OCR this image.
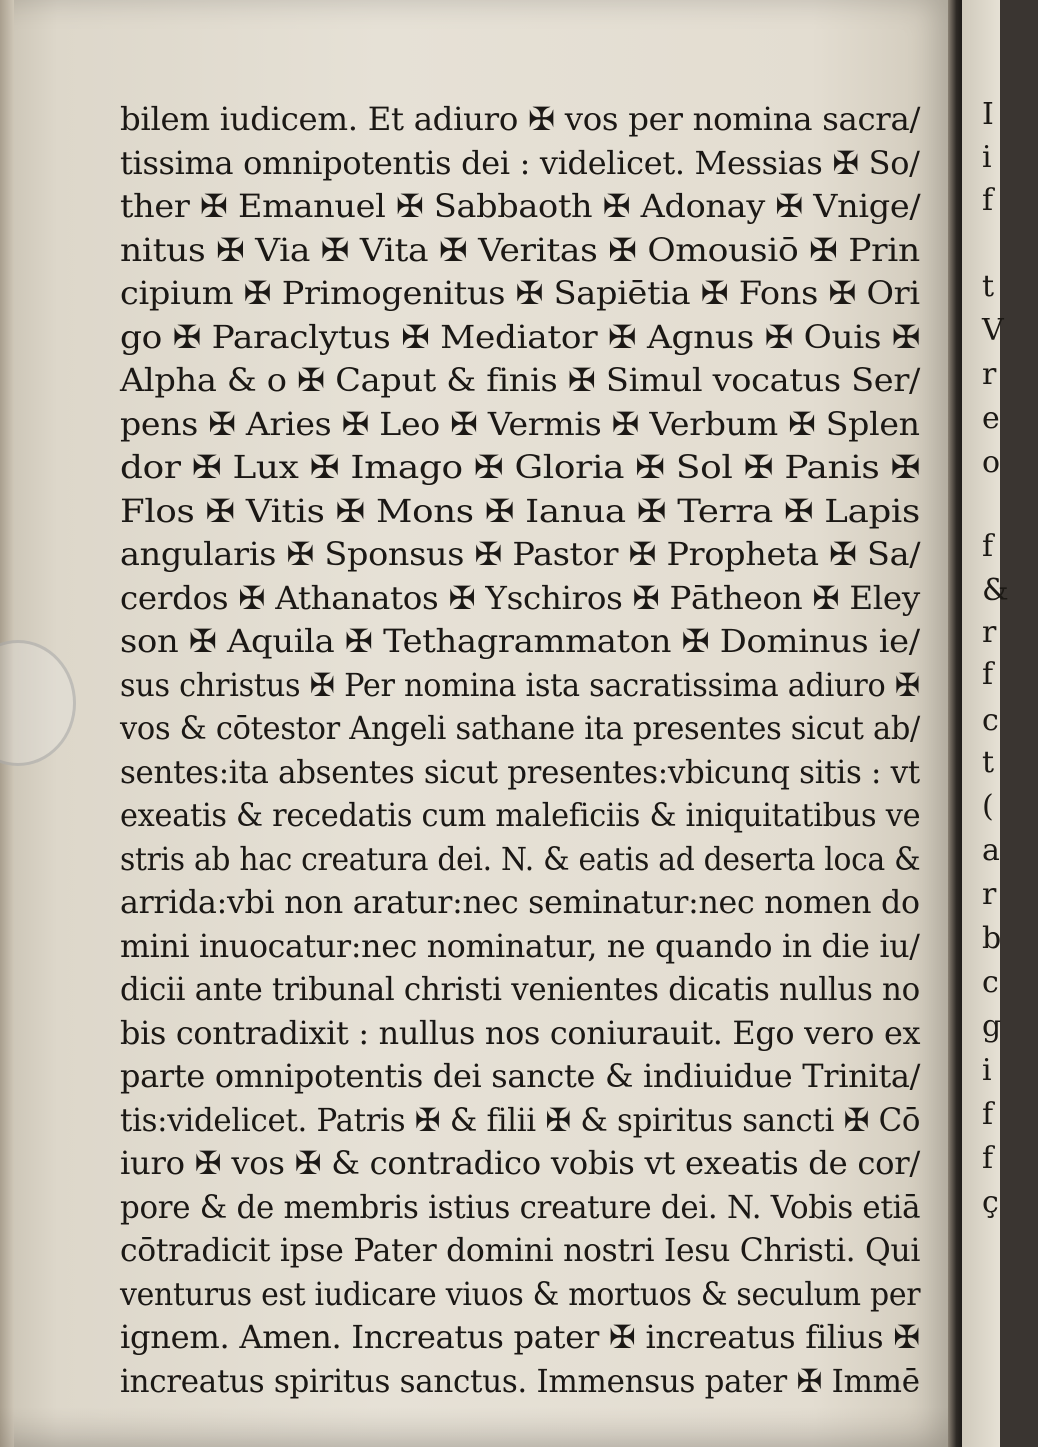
bilem iudicem. Et adiuro ✠ vos per nomina sacra/
tissima omnipotentis dei : videlicet. Messias ✠ So/
ther ✠ Emanuel ✠ Sabbaoth ✠ Adonay ✠ Vnige/
nitus ✠ Via ✠ Vita ✠ Veritas ✠ Omousiō ✠ Prin
cipium ✠ Primogenitus ✠ Sapiētia ✠ Fons ✠ Ori
go ✠ Paraclytus ✠ Mediator ✠ Agnus ✠ Ouis ✠
Alpha & o ✠ Caput & finis ✠ Simul vocatus Ser/
pens ✠ Aries ✠ Leo ✠ Vermis ✠ Verbum ✠ Splen
dor ✠ Lux ✠ Imago ✠ Gloria ✠ Sol ✠ Panis ✠
Flos ✠ Vitis ✠ Mons ✠ Ianua ✠ Terra ✠ Lapis
angularis ✠ Sponsus ✠ Pastor ✠ Propheta ✠ Sa/
cerdos ✠ Athanatos ✠ Yschiros ✠ Pātheon ✠ Eley
son ✠ Aquila ✠ Tethagrammaton ✠ Dominus ie/
sus christus ✠ Per nomina ista sacratissima adiuro ✠
vos & cōtestor Angeli sathane ita presentes sicut ab/
sentes:ita absentes sicut presentes:vbicunq sitis : vt
exeatis & recedatis cum maleficiis & iniquitatibus ve
stris ab hac creatura dei. N. & eatis ad deserta loca &
arrida:vbi non aratur:nec seminatur:nec nomen do
mini inuocatur:nec nominatur, ne quando in die iu/
dicii ante tribunal christi venientes dicatis nullus no
bis contradixit : nullus nos coniurauit. Ego vero ex
parte omnipotentis dei sancte & indiuidue Trinita/
tis:videlicet. Patris ✠ & filii ✠ & spiritus sancti ✠ Cō
iuro ✠ vos ✠ & contradico vobis vt exeatis de cor/
pore & de membris istius creature dei. N. Vobis etiā
cōtradicit ipse Pater domini nostri Iesu Christi. Qui
venturus est iudicare viuos & mortuos & seculum per
ignem. Amen. Increatus pater ✠ increatus filius ✠
increatus spiritus sanctus. Immensus pater ✠ Immē
I
i
f
t
V
r
e
o
f
&
r
f
c
t
(
a
r
b
c
g
i
f
f
ç
